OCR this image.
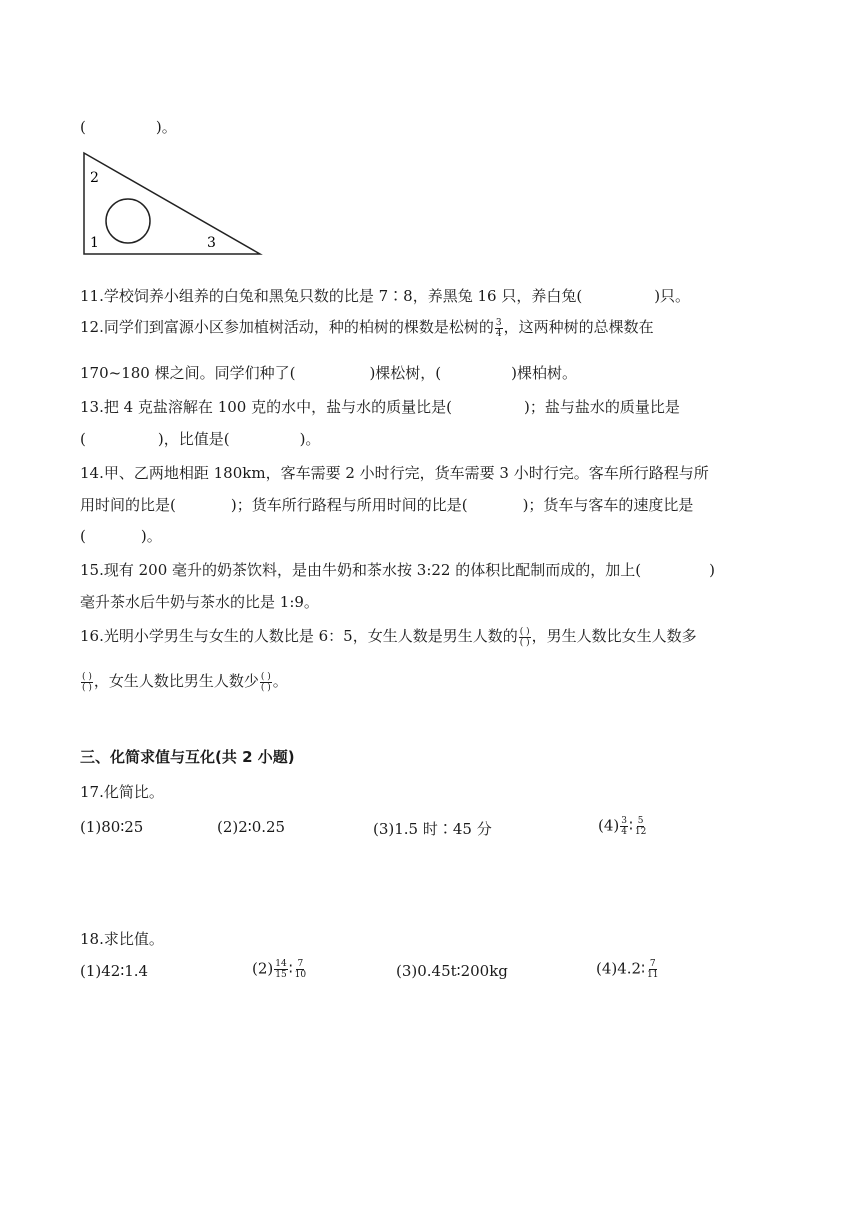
(	)。
2
1	3
11.学校饲养小组养的白兔和黑兔只数的比是 7∶8，养黑兔 16 只，养白兔(	)只。
12.同学们到富源小区参加植树活动，种的柏树的棵数是松树的 $\frac{3}{4}$ ，这两种树的总棵数在
170~180 棵之间。同学们种了(	)棵松树，(	)棵柏树。
13.把 4 克盐溶解在 100 克的水中，盐与水的质量比是(	)；盐与盐水的质量比是
(	)，比值是(	)。
14.甲、乙两地相距 180km，客车需要 2 小时行完，货车需要 3 小时行完。客车所行路程与所
用时间的比是(	)；货车所行路程与所用时间的比是(	)；货车与客车的速度比是
(	)。
15.现有 200 毫升的奶茶饮料，是由牛奶和茶水按 3:22 的体积比配制而成的，加上(	)
毫升茶水后牛奶与茶水的比是 1:9。
16.光明小学男生与女生的人数比是 6：5，女生人数是男生人数的 $\frac{( )}{( )}$ ，男生人数比女生人数多
$\frac{( )}{( )}$ ，女生人数比男生人数少 $\frac{( )}{( )}$ 。
三、化简求值与互化(共 2 小题)
17.化简比。
(1)80∶25	(2)2∶0.25	(3)1.5 时∶45 分	$(4) \frac{3}{4}$ ∶ $\frac{5}{12}$
18.求比值。
(1)42∶1.4	$(2) \frac{14}{15}$ ∶ $\frac{7}{10}$	(3)0.45t∶200kg	(4)4.2∶ $\frac{7}{11}$
